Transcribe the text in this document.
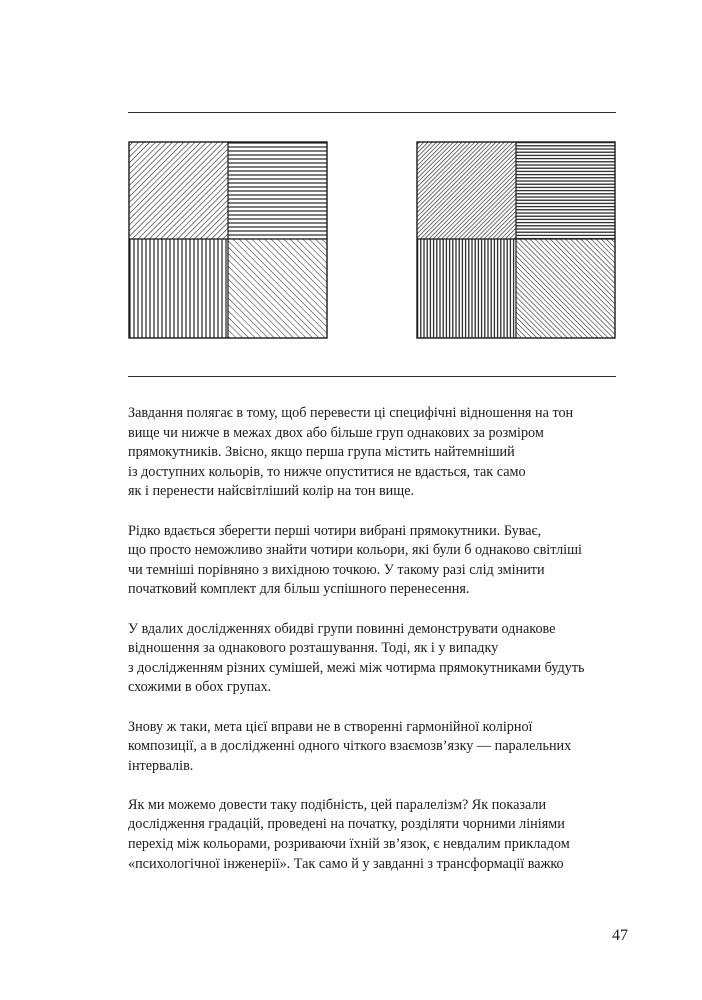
Завдання полягає в тому, щоб перевести ці специфічні відношення на тон
вище чи нижче в межах двох або більше груп однакових за розміром
прямокутників. Звісно, якщо перша група містить найтемніший
із доступних кольорів, то нижче опуститися не вдасться, так само
як і перенести найсвітліший колір на тон вище.

Рідко вдається зберегти перші чотири вибрані прямокутники. Буває,
що просто неможливо знайти чотири кольори, які були б однаково світліші
чи темніші порівняно з вихідною точкою. У такому разі слід змінити
початковий комплект для більш успішного перенесення.

У вдалих дослідженнях обидві групи повинні демонструвати однакове
відношення за однакового розташування. Тоді, як і у випадку
з дослідженням різних сумішей, межі між чотирма прямокутниками будуть
схожими в обох групах.

Знову ж таки, мета цієї вправи не в створенні гармонійної колірної
композиції, а в дослідженні одного чіткого взаємозв’язку — паралельних
інтервалів.

Як ми можемо довести таку подібність, цей паралелізм? Як показали
дослідження градацій, проведені на початку, розділяти чорними лініями
перехід між кольорами, розриваючи їхній зв’язок, є невдалим прикладом
«психологічної інженерії». Так само й у завданні з трансформації важко

47
